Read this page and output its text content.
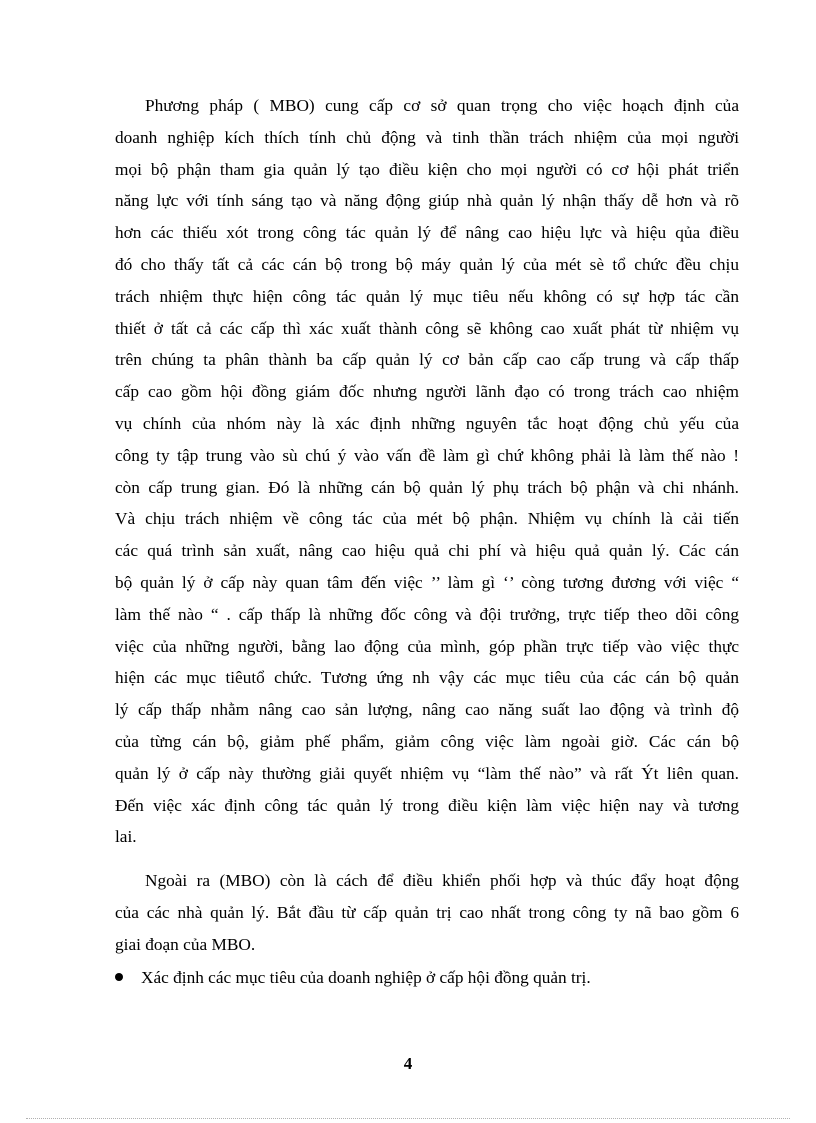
Phương pháp ( MBO) cung cấp cơ sở quan trọng cho việc hoạch định của
doanh nghiệp kích thích tính chủ động và tinh thần trách nhiệm của mọi người
mọi bộ phận tham gia quản lý tạo điều kiện cho mọi người có cơ hội phát triển
năng lực với tính sáng tạo và năng động giúp nhà quản lý nhận thấy dễ hơn và rõ
hơn các thiếu xót trong công tác quản lý để nâng cao hiệu lực và hiệu qủa điều
đó cho thấy tất cả các cán bộ trong bộ máy quản lý của mét sè tổ chức đều chịu
trách nhiệm thực hiện công tác quản lý mục tiêu nếu không có sự hợp tác cần
thiết ở tất cả các cấp thì xác xuất thành công sẽ không cao xuất phát từ nhiệm vụ
trên chúng ta phân thành ba cấp quản lý cơ bản cấp cao cấp trung và cấp thấp
cấp cao gồm hội đồng giám đốc nhưng người lãnh đạo có trong trách cao nhiệm
vụ chính của nhóm này là xác định những nguyên tắc hoạt động chủ yếu của
công ty tập trung vào sù chú ý vào vấn đề làm gì chứ không phải là làm thế nào !
còn cấp trung gian. Đó là những cán bộ quản lý phụ trách bộ phận và chi nhánh.
Và chịu trách nhiệm về công tác của mét bộ phận. Nhiệm vụ chính là cải tiến
các quá trình sản xuất, nâng cao hiệu quả chi phí và hiệu quả quản lý. Các cán
bộ quản lý ở cấp này quan tâm đến việc ’’ làm gì ‘’ còng tương đương với việc “
làm thế nào “ . cấp thấp là những đốc công và đội trưởng, trực tiếp theo dõi công
việc của những người, bằng lao động của mình, góp phần trực tiếp vào việc thực
hiện các mục tiêutổ chức. Tương ứng nh vậy các mục tiêu của các cán bộ quản
lý cấp thấp nhằm nâng cao sản lượng, nâng cao năng suất lao động và trình độ
của từng cán bộ, giảm phế phẩm, giảm công việc làm ngoài giờ. Các cán bộ
quản lý ở cấp này thường giải quyết nhiệm vụ “làm thế nào” và rất Ýt liên quan.
Đến việc xác định công tác quản lý trong điều kiện làm việc hiện nay và tương
lai.
Ngoài ra (MBO) còn là cách để điều khiển phối hợp và thúc đẩy hoạt động
của các nhà quản lý. Bắt đầu từ cấp quản trị cao nhất trong công ty nã bao gồm 6
giai đoạn của MBO.
Xác định các mục tiêu của doanh nghiệp ở cấp hội đồng quản trị.
4
